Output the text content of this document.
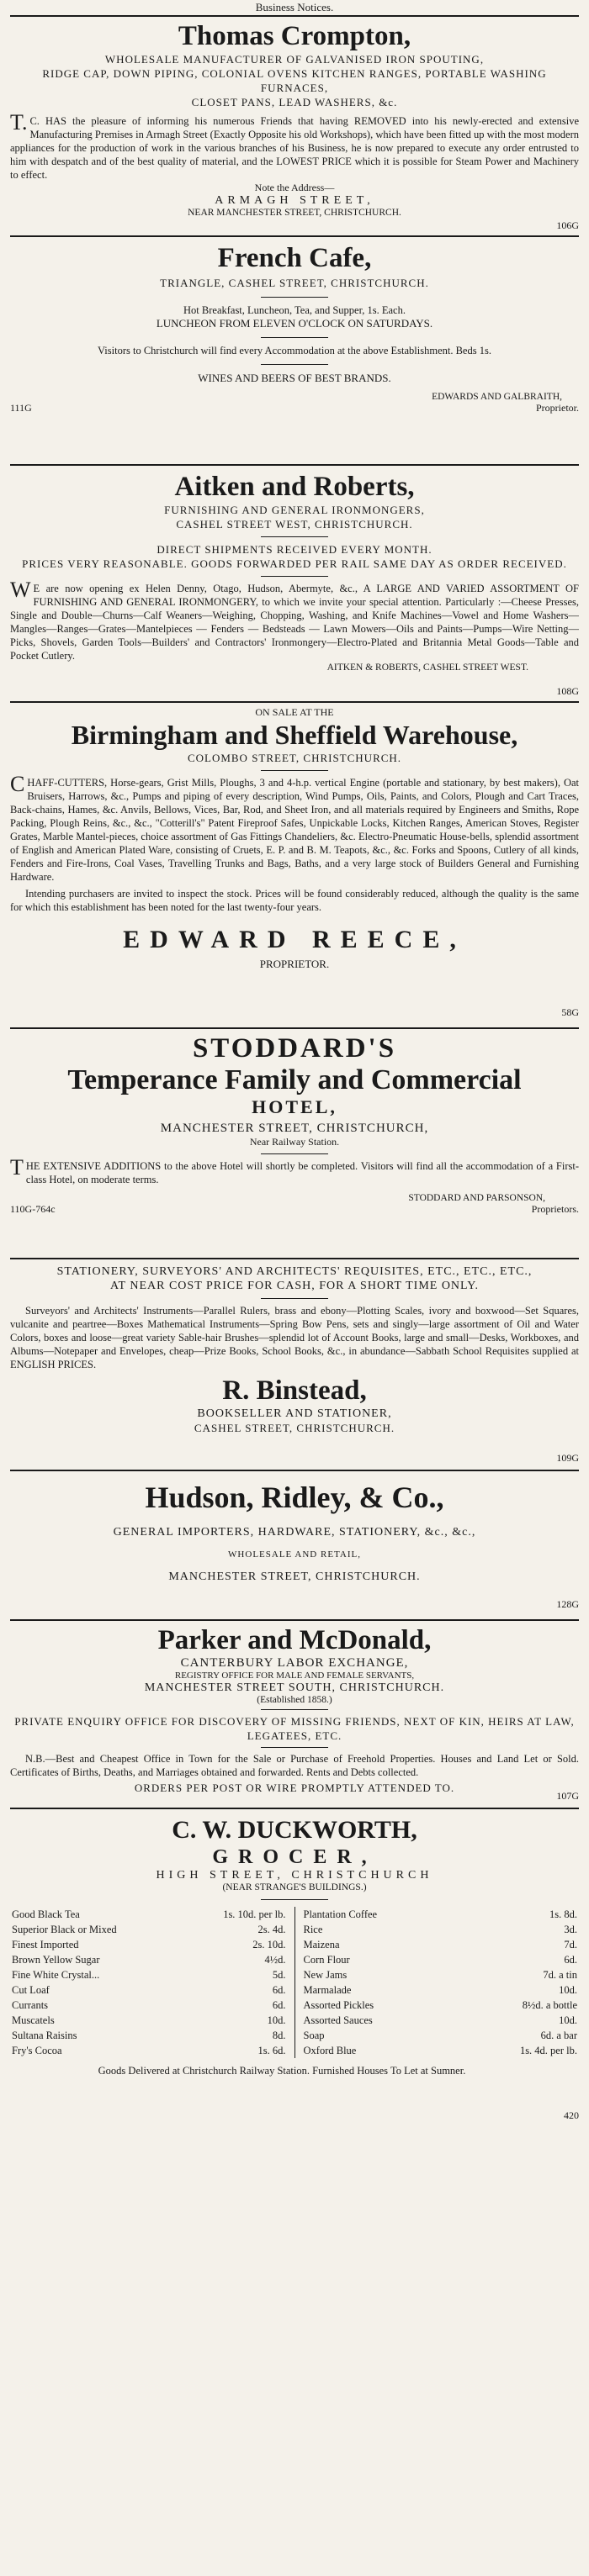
Business Notices.
Thomas Crompton,
WHOLESALE MANUFACTURER OF GALVANISED IRON SPOUTING,
RIDGE CAP, DOWN PIPING, COLONIAL OVENS KITCHEN RANGES, PORTABLE WASHING FURNACES,
CLOSET PANS, LEAD WASHERS, &c.

T.C. HAS the pleasure of informing his numerous Friends that having REMOVED into his newly-erected and extensive Manufacturing Premises in Armagh Street (Exactly Opposite his old Workshops), which have been fitted up with the most modern appliances for the production of work in the various branches of his Business, he is now prepared to execute any order entrusted to him with despatch and of the best quality of material, and the LOWEST PRICE which it is possible for Steam Power and Machinery to effect.

Note the Address—
ARMAGH STREET,
NEAR MANCHESTER STREET, CHRISTCHURCH.
106G
French Cafe,
TRIANGLE, CASHEL STREET, CHRISTCHURCH.
Hot Breakfast, Luncheon, Tea, and Supper, 1s. Each.
LUNCHEON FROM ELEVEN O'CLOCK ON SATURDAYS.
Visitors to Christchurch will find every Accommodation at the above Establishment. Beds 1s.
WINES AND BEERS OF BEST BRANDS.
EDWARDS AND GALBRAITH,
111G	Proprietor.
Aitken and Roberts,
FURNISHING AND GENERAL IRONMONGERS,
CASHEL STREET WEST, CHRISTCHURCH.
DIRECT SHIPMENTS RECEIVED EVERY MONTH.
PRICES VERY REASONABLE. GOODS FORWARDED PER RAIL SAME DAY AS ORDER RECEIVED.

WE are now opening ex Helen Denny, Otago, Hudson, Abermyte, &c., A LARGE AND VARIED ASSORTMENT OF FURNISHING AND GENERAL IRONMONGERY, to which we invite your special attention. Particularly :—Cheese Presses, Single and Double—Churns—Calf Weaners—Weighing, Chopping, Washing, and Knife Machines—Vowel and Home Washers—Mangles—Ranges—Grates—Mantelpieces — Fenders — Bedsteads — Lawn Mowers—Oils and Paints—Pumps—Wire Netting—Picks, Shovels, Garden Tools—Builders' and Contractors' Ironmongery—Electro-Plated and Britannia Metal Goods—Table and Pocket Cutlery.

AITKEN & ROBERTS, CASHEL STREET WEST.
108G
ON SALE AT THE
Birmingham and Sheffield Warehouse,
COLOMBO STREET, CHRISTCHURCH.

CHAFF-CUTTERS, Horse-gears, Grist Mills, Ploughs, 3 and 4-h.p. vertical Engine (portable and stationary, by best makers), Oat Bruisers, Harrows, &c., Pumps and piping of every description, Wind Pumps, Oils, Paints, and Colors, Plough and Cart Traces, Back-chains, Hames, &c. Anvils, Bellows, Vices, Bar, Rod, and Sheet Iron, and all materials required by Engineers and Smiths, Rope Packing, Plough Reins, &c., &c., "Cotterill's" Patent Fireproof Safes, Unpickable Locks, Kitchen Ranges, American Stoves, Register Grates, Marble Mantel-pieces, choice assortment of Gas Fittings Chandeliers, &c. Electro-Pneumatic House-bells, splendid assortment of English and American Plated Ware, consisting of Cruets, E. P. and B. M. Teapots, &c., &c. Forks and Spoons, Cutlery of all kinds, Fenders and Fire-Irons, Coal Vases, Travelling Trunks and Bags, Baths, and a very large stock of Builders General and Furnishing Hardware.

Intending purchasers are invited to inspect the stock. Prices will be found considerably reduced, although the quality is the same for which this establishment has been noted for the last twenty-four years.

EDWARD REECE,
PROPRIETOR.
58G
STODDARD'S
Temperance Family and Commercial
HOTEL,
MANCHESTER STREET, CHRISTCHURCH,
Near Railway Station.

THE EXTENSIVE ADDITIONS to the above Hotel will shortly be completed. Visitors will find all the accommodation of a First-class Hotel, on moderate terms.

STODDARD AND PARSONSON,
110G-764c	Proprietors.
STATIONERY, SURVEYORS' AND ARCHITECTS' REQUISITES, ETC., ETC., ETC.,
AT NEAR COST PRICE FOR CASH, FOR A SHORT TIME ONLY.

Surveyors' and Architects' Instruments—Parallel Rulers, brass and ebony—Plotting Scales, ivory and boxwood—Set Squares, vulcanite and peartree—Boxes Mathematical Instruments—Spring Bow Pens, sets and singly—large assortment of Oil and Water Colors, boxes and loose—great variety Sable-hair Brushes—splendid lot of Account Books, large and small—Desks, Workboxes, and Albums—Notepaper and Envelopes, cheap—Prize Books, School Books, &c., in abundance—Sabbath School Requisites supplied at ENGLISH PRICES.

R. Binstead,
BOOKSELLER AND STATIONER,
CASHEL STREET, CHRISTCHURCH.
109G
Hudson, Ridley, & Co.,
GENERAL IMPORTERS, HARDWARE, STATIONERY, &c., &c.,
WHOLESALE AND RETAIL,
MANCHESTER STREET, CHRISTCHURCH.
128G
Parker and McDonald,
CANTERBURY LABOR EXCHANGE,
REGISTRY OFFICE FOR MALE AND FEMALE SERVANTS,
MANCHESTER STREET SOUTH, CHRISTCHURCH.
(Established 1858.)
PRIVATE ENQUIRY OFFICE FOR DISCOVERY OF MISSING FRIENDS, NEXT OF KIN, HEIRS AT LAW, LEGATEES, ETC.

N.B.—Best and Cheapest Office in Town for the Sale or Purchase of Freehold Properties. Houses and Land Let or Sold. Certificates of Births, Deaths, and Marriages obtained and forwarded. Rents and Debts collected.

ORDERS PER POST OR WIRE PROMPTLY ATTENDED TO.
107G
C. W. DUCKWORTH,
GROCER,
HIGH STREET, CHRISTCHURCH
(NEAR STRANGE'S BUILDINGS.)
Good Black Tea	1s. 10d. per lb.
Superior Black or Mixed	2s. 4d.
Finest Imported	2s. 10d.
Brown Yellow Sugar	4½d.
Fine White Crystal...	5d.
Cut Loaf	6d.
Currants	6d.
Muscatels	10d.
Sultana Raisins	8d.
Fry's Cocoa	1s. 6d.
Plantation Coffee	1s. 8d.
Rice	3d.
Maizena	7d.
Corn Flour	6d.
New Jams	7d. a tin
Marmalade	10d.
Assorted Pickles	8½d. a bottle
Assorted Sauces	10d.
Soap	6d. a bar
Oxford Blue	1s. 4d. per lb.
Goods Delivered at Christchurch Railway Station. Furnished Houses To Let at Sumner.
420
